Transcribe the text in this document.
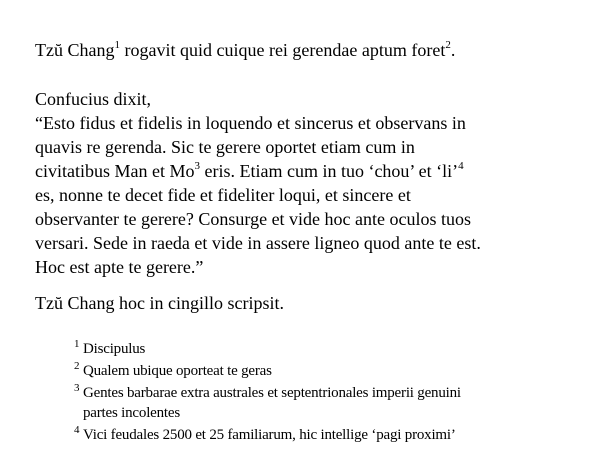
Tzŭ Chang$^1$ rogavit quid cuique rei gerendae aptum foret$^2$.
Confucius dixit,
“Esto fidus et fidelis in loquendo et sincerus et observans in
quavis re gerenda. Sic te gerere oportet etiam cum in
civitatibus Man et Mo$^3$ eris. Etiam cum in tuo ‘chou’ et ‘li’$^4$
es, nonne te decet fide et fideliter loqui, et sincere et
observanter te gerere? Consurge et vide hoc ante oculos tuos
versari. Sede in raeda et vide in assere ligneo quod ante te est.
Hoc est apte te gerere.”
Tzŭ Chang hoc in cingillo scripsit.
$^1$ Discipulus
$^2$ Qualem ubique oporteat te geras
$^3$ Gentes barbarae extra australes et septentrionales imperii genuini
partes incolentes
$^4$ Vici feudales 2500 et 25 familiarum, hic intellige ‘pagi proximi’
